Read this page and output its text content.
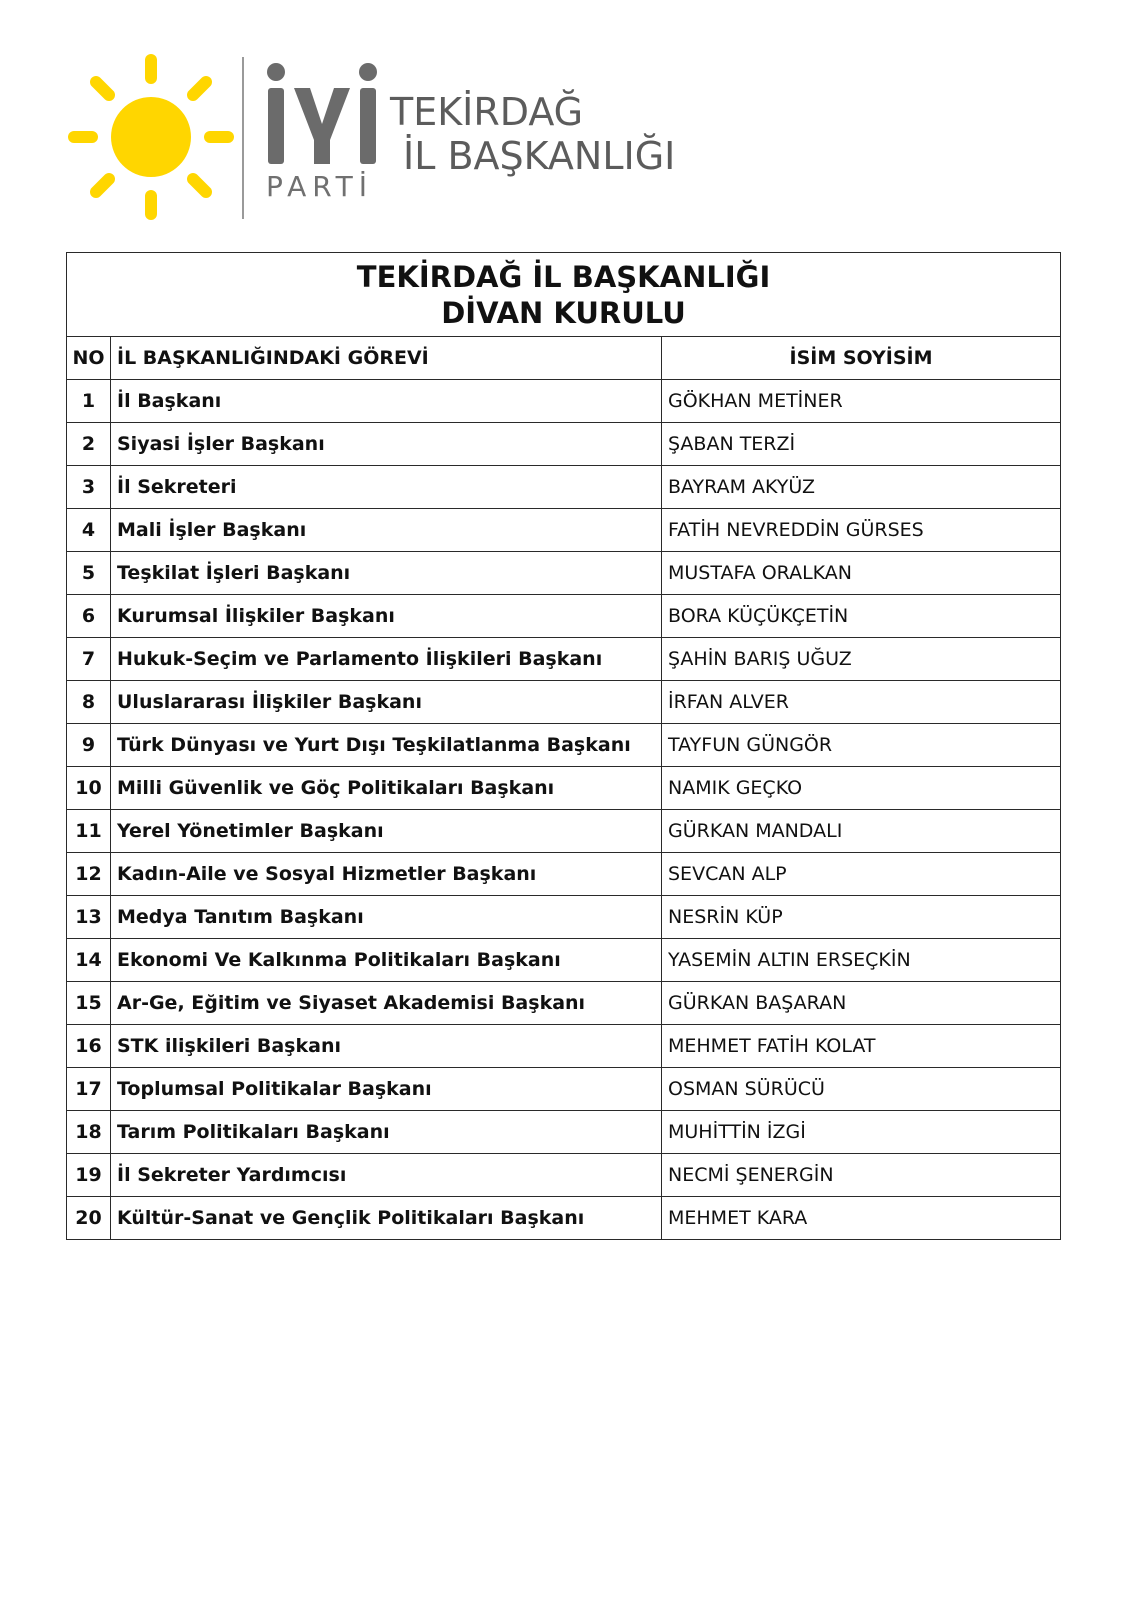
PARTİ
TEKİRDAĞ
İL BAŞKANLIĞI
TEKİRDAĞ İL BAŞKANLIĞI
DİVAN KURULU		

NO	İL BAŞKANLIĞINDAKİ GÖREVİ	İSİM SOYİSİM
1	İl Başkanı	GÖKHAN METİNER
2	Siyasi İşler Başkanı	ŞABAN TERZİ
3	İl Sekreteri	BAYRAM AKYÜZ
4	Mali İşler Başkanı	FATİH NEVREDDİN GÜRSES
5	Teşkilat İşleri Başkanı	MUSTAFA ORALKAN
6	Kurumsal İlişkiler Başkanı	BORA KÜÇÜKÇETİN
7	Hukuk-Seçim ve Parlamento İlişkileri Başkanı	ŞAHİN BARIŞ UĞUZ
8	Uluslararası İlişkiler Başkanı	İRFAN ALVER
9	Türk Dünyası ve Yurt Dışı Teşkilatlanma Başkanı	TAYFUN GÜNGÖR
10	Milli Güvenlik ve Göç Politikaları Başkanı	NAMIK GEÇKO
11	Yerel Yönetimler Başkanı	GÜRKAN MANDALI
12	Kadın-Aile ve Sosyal Hizmetler Başkanı	SEVCAN ALP
13	Medya Tanıtım Başkanı	NESRİN KÜP
14	Ekonomi Ve Kalkınma Politikaları Başkanı	YASEMİN ALTIN ERSEÇKİN
15	Ar-Ge, Eğitim ve Siyaset Akademisi Başkanı	GÜRKAN BAŞARAN
16	STK ilişkileri Başkanı	MEHMET FATİH KOLAT
17	Toplumsal Politikalar Başkanı	OSMAN SÜRÜCÜ
18	Tarım Politikaları Başkanı	MUHİTTİN İZGİ
19	İl Sekreter Yardımcısı	NECMİ ŞENERGİN
20	Kültür-Sanat ve Gençlik Politikaları Başkanı	MEHMET KARA
